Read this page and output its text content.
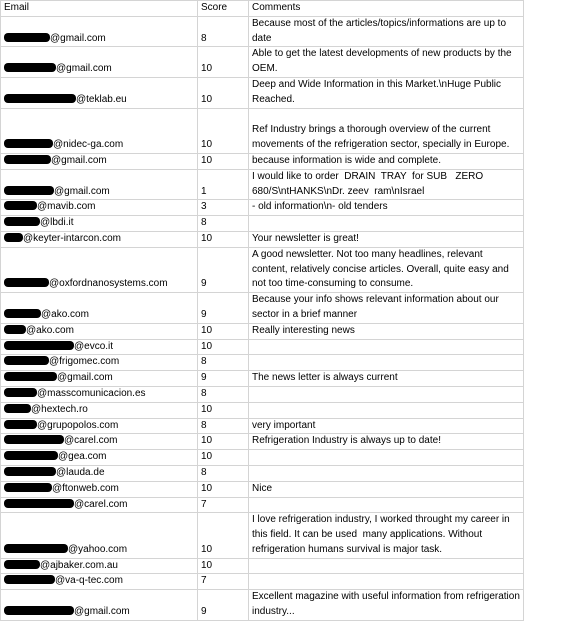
Email	Score	Comments	
@gmail.com	8	Because most of the articles/topics/informations are up to date	
@gmail.com	10	Able to get the latest developments of new products by the OEM.	
@teklab.eu	10	Deep and Wide Information in this Market.\nHuge Public Reached.	
@nidec-ga.com	10	Ref Industry brings a thorough overview of the current movements of the refrigeration sector, specially in Europe.	
@gmail.com	10	because information is wide and complete.	
@gmail.com	1	I would like to order  DRAIN  TRAY  for SUB   ZERO 680/S\ntHANKS\nDr. zeev  ram\nIsrael	
@mavib.com	3	- old information\n- old tenders	
@lbdi.it	8		
@keyter-intarcon.com	10	Your newsletter is great!	
@oxfordnanosystems.com	9	A good newsletter. Not too many headlines, relevant content, relatively concise articles. Overall, quite easy and not too time-consuming to consume.	
@ako.com	9	Because your info shows relevant information about our sector in a brief manner	
@ako.com	10	Really interesting news	
@evco.it	10		
@frigomec.com	8		
@gmail.com	9	The news letter is always current	
@masscomunicacion.es	8		
@hextech.ro	10		
@grupopolos.com	8	very important	
@carel.com	10	Refrigeration Industry is always up to date!	
@gea.com	10		
@lauda.de	8		
@ftonweb.com	10	Nice	
@carel.com	7		
@yahoo.com	10	I love refrigeration industry, I worked throught my career in this field. It can be used  many applications. Without refrigeration humans survival is major task.	
@ajbaker.com.au	10		
@va-q-tec.com	7		
@gmail.com	9	Excellent magazine with useful information from refrigeration industry...	
